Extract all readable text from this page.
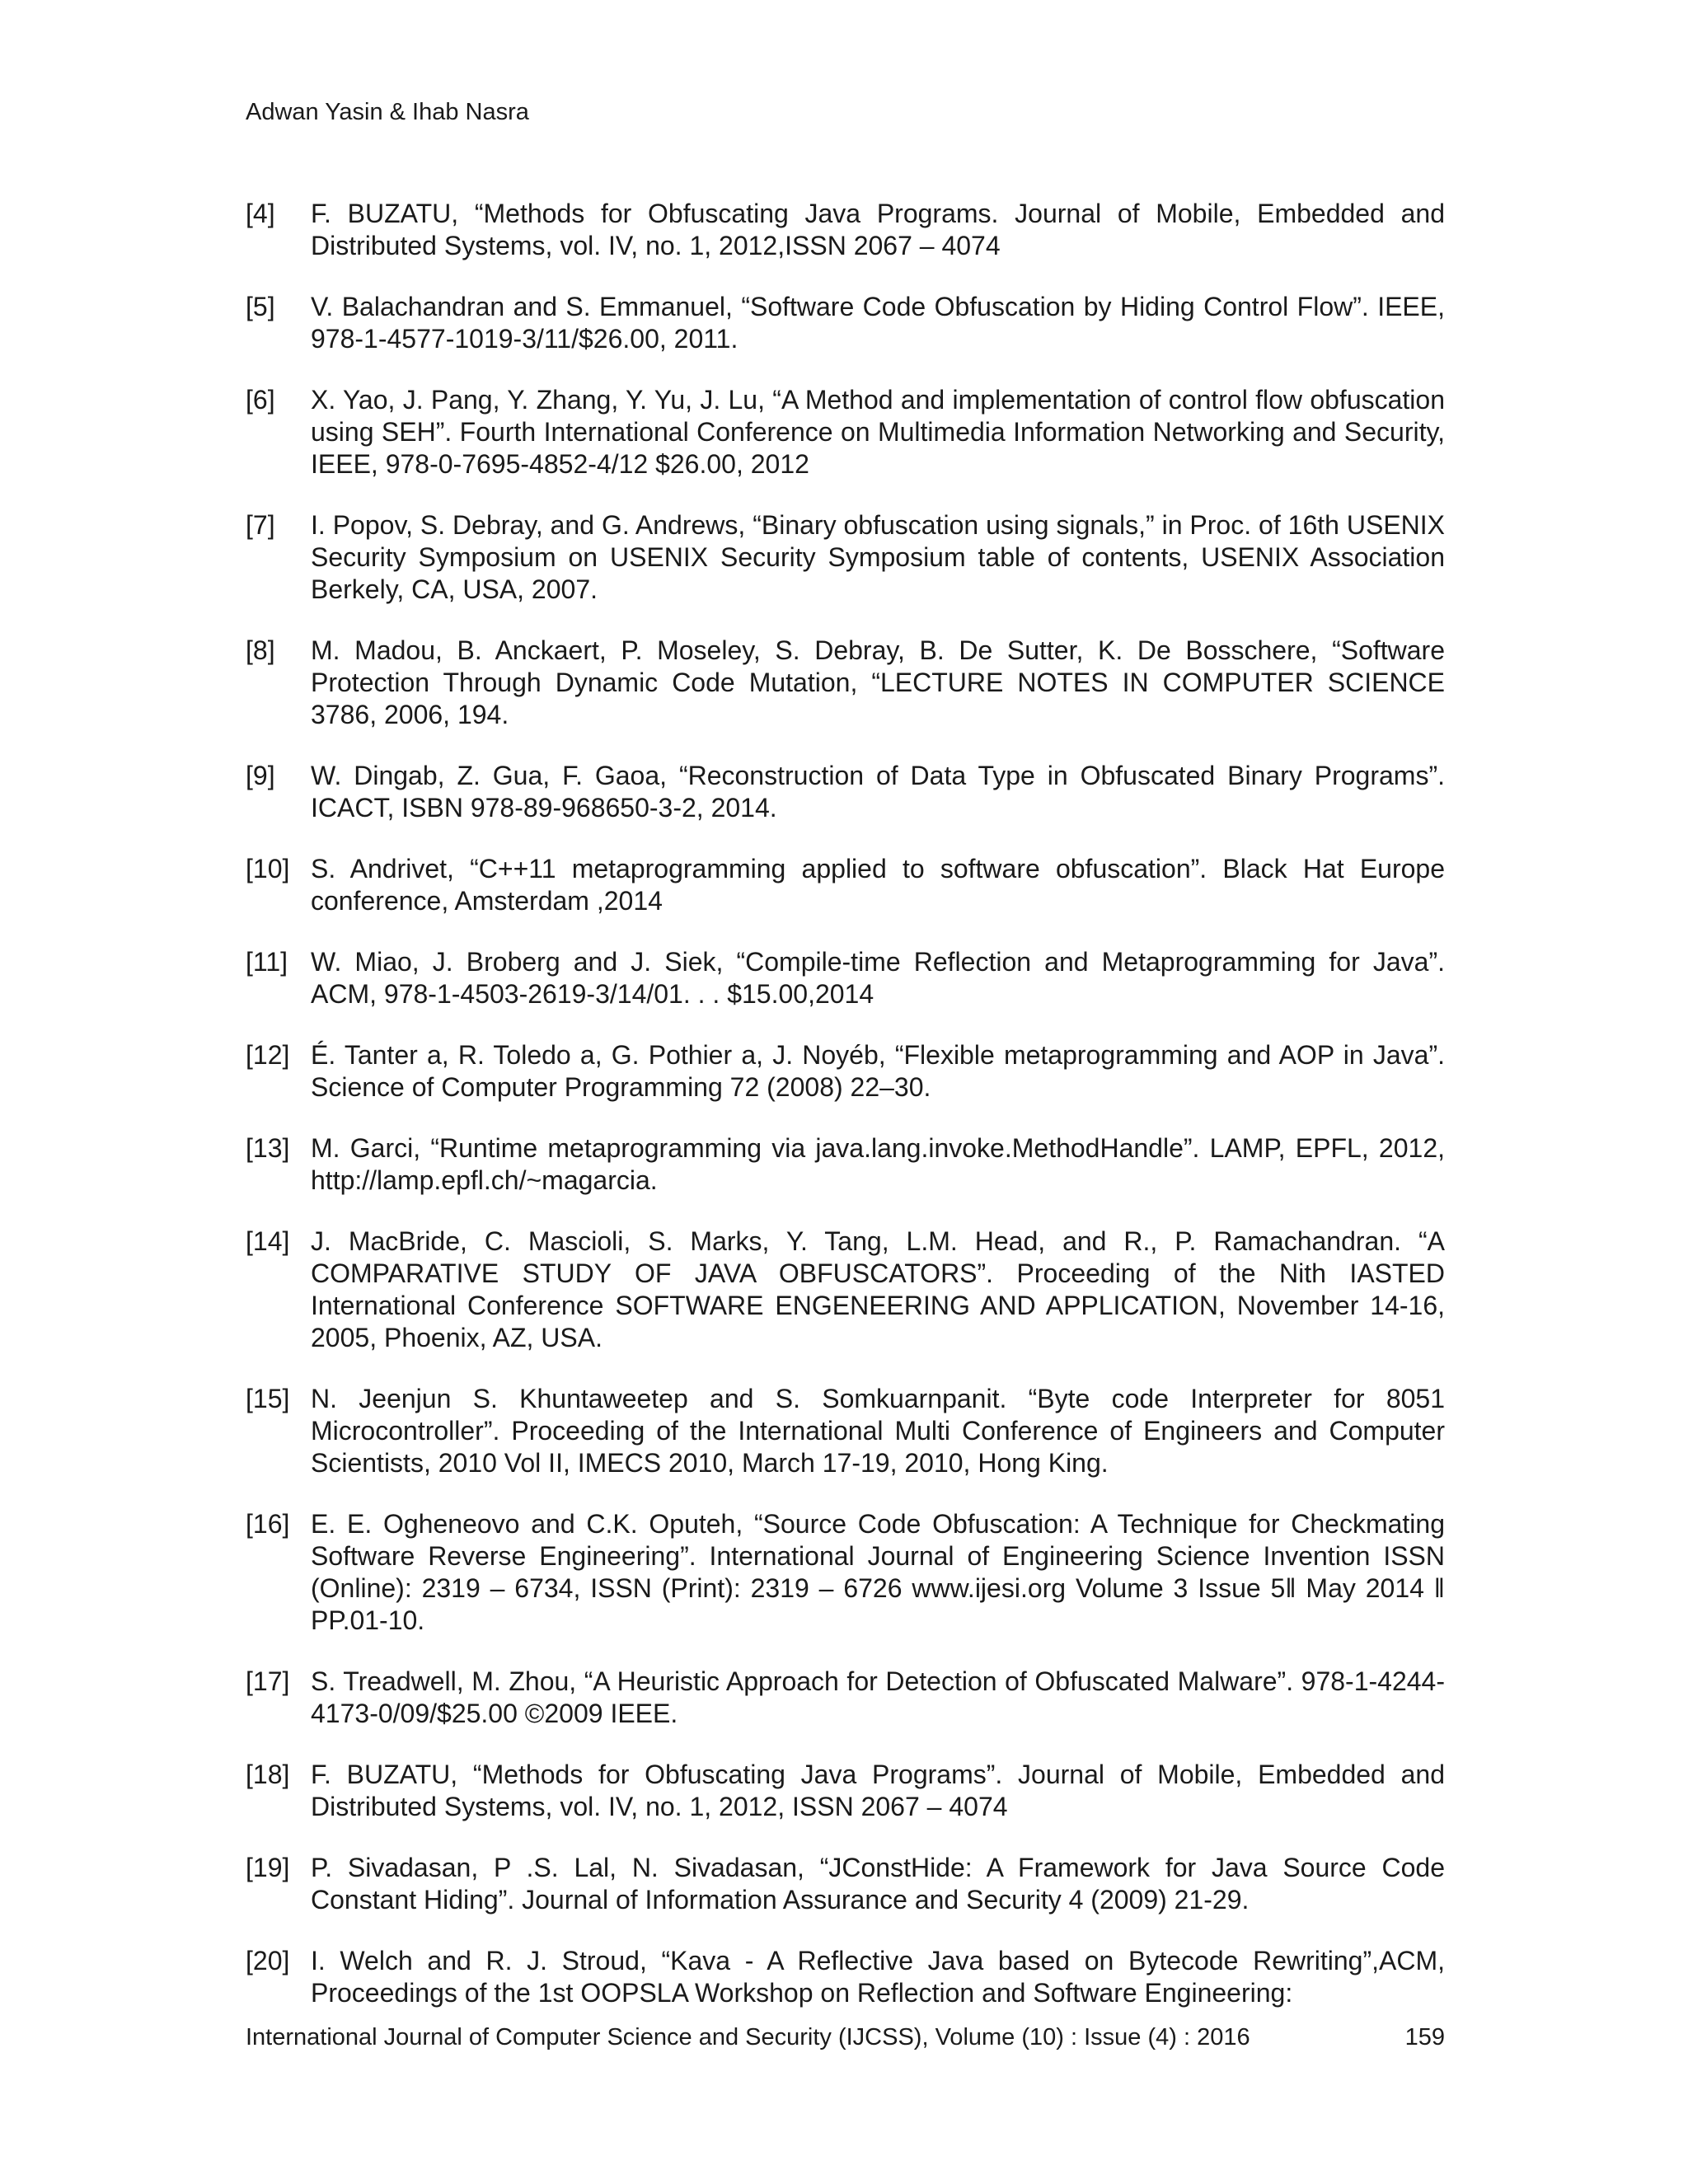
Adwan Yasin & Ihab Nasra
[4]	F. BUZATU, “Methods for Obfuscating Java Programs. Journal of Mobile, Embedded and Distributed Systems, vol. IV, no. 1, 2012,ISSN 2067 – 4074
[5]	V. Balachandran and S. Emmanuel, “Software Code Obfuscation by Hiding Control Flow”. IEEE, 978-1-4577-1019-3/11/$26.00, 2011.
[6]	X. Yao, J. Pang, Y. Zhang, Y. Yu, J. Lu, “A Method and implementation of control flow obfuscation using SEH”. Fourth International Conference on Multimedia Information Networking and Security, IEEE, 978-0-7695-4852-4/12 $26.00, 2012
[7]	I. Popov, S. Debray, and G. Andrews, “Binary obfuscation using signals,” in Proc. of 16th USENIX Security Symposium on USENIX Security Symposium table of contents, USENIX Association Berkely, CA, USA, 2007.
[8]	M. Madou, B. Anckaert, P. Moseley, S. Debray, B. De Sutter, K. De Bosschere, “Software Protection Through Dynamic Code Mutation, “LECTURE NOTES IN COMPUTER SCIENCE 3786, 2006, 194.
[9]	W. Dingab, Z. Gua, F. Gaoa, “Reconstruction of Data Type in Obfuscated Binary Programs”. ICACT, ISBN 978-89-968650-3-2, 2014.
[10] S. Andrivet, “C++11 metaprogramming applied to software obfuscation”. Black Hat Europe conference, Amsterdam ,2014
[11] W. Miao, J. Broberg and J. Siek, “Compile-time Reflection and Metaprogramming for Java”. ACM, 978-1-4503-2619-3/14/01. . . $15.00,2014
[12] É. Tanter a, R. Toledo a, G. Pothier a, J. Noyéb, “Flexible metaprogramming and AOP in Java”. Science of Computer Programming 72 (2008) 22–30.
[13] M. Garci, “Runtime metaprogramming via java.lang.invoke.MethodHandle”. LAMP, EPFL, 2012, http://lamp.epfl.ch/~magarcia.
[14] J. MacBride, C. Mascioli, S. Marks, Y. Tang, L.M. Head, and R., P. Ramachandran. “A COMPARATIVE STUDY OF JAVA OBFUSCATORS”. Proceeding of the Nith IASTED International Conference SOFTWARE ENGENEERING AND APPLICATION, November 14-16, 2005, Phoenix, AZ, USA.
[15] N. Jeenjun S. Khuntaweetep and S. Somkuarnpanit. “Byte code Interpreter for 8051 Microcontroller”. Proceeding of the International Multi Conference of Engineers and Computer Scientists, 2010 Vol II, IMECS 2010, March 17-19, 2010, Hong King.
[16] E. E. Ogheneovo and C.K. Oputeh, “Source Code Obfuscation: A Technique for Checkmating Software Reverse Engineering”. International Journal of Engineering Science Invention ISSN (Online): 2319 – 6734, ISSN (Print): 2319 – 6726 www.ijesi.org Volume 3 Issue 5ǁ May 2014 ǁ PP.01-10.
[17] S. Treadwell, M. Zhou, “A Heuristic Approach for Detection of Obfuscated Malware”. 978-1-4244-4173-0/09/$25.00 ©2009 IEEE.
[18] F. BUZATU, “Methods for Obfuscating Java Programs”. Journal of Mobile, Embedded and Distributed Systems, vol. IV, no. 1, 2012, ISSN 2067 – 4074
[19] P. Sivadasan, P .S. Lal, N. Sivadasan, “JConstHide: A Framework for Java Source Code Constant Hiding”. Journal of Information Assurance and Security 4 (2009) 21-29.
[20] I. Welch and R. J. Stroud, “Kava - A Reflective Java based on Bytecode Rewriting”,ACM, Proceedings of the 1st OOPSLA Workshop on Reflection and Software Engineering:
International Journal of Computer Science and Security (IJCSS), Volume (10) : Issue (4) : 2016	159
